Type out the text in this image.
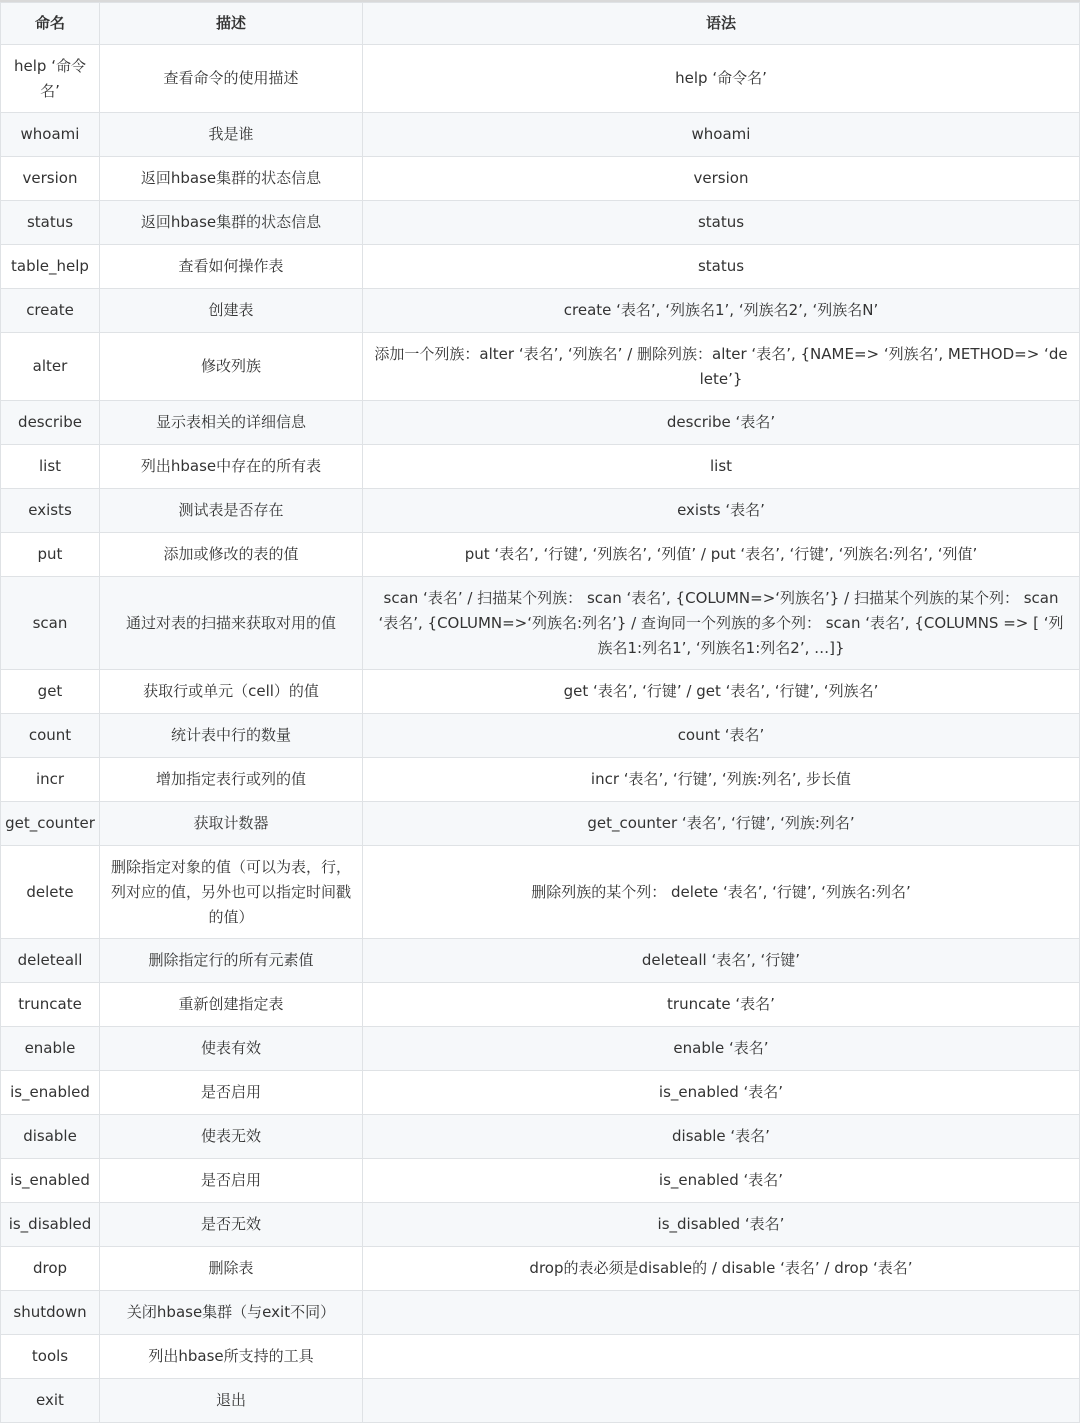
命名	描述	语法
help ‘命令名’	查看命令的使用描述	help ‘命令名’
whoami	我是谁	whoami
version	返回hbase集群的状态信息	version
status	返回hbase集群的状态信息	status
table_help	查看如何操作表	status
create	创建表	create ‘表名’, ‘列族名1’, ‘列族名2’, ‘列族名N’
alter	修改列族	添加一个列族：alter ‘表名’, ‘列族名’ / 删除列族：alter ‘表名’, {NAME=> ‘列族名’, METHOD=> ‘delete’}
describe	显示表相关的详细信息	describe ‘表名’
list	列出hbase中存在的所有表	list
exists	测试表是否存在	exists ‘表名’
put	添加或修改的表的值	put ‘表名’, ‘行键’, ‘列族名’, ‘列值’ / put ‘表名’, ‘行键’, ‘列族名:列名’, ‘列值’
scan	通过对表的扫描来获取对用的值	scan ‘表名’ / 扫描某个列族： scan ‘表名’, {COLUMN=>‘列族名’} / 扫描某个列族的某个列： scan ‘表名’, {COLUMN=>‘列族名:列名’} / 查询同一个列族的多个列： scan ‘表名’, {COLUMNS => [ ‘列族名1:列名1’, ‘列族名1:列名2’, …]}
get	获取行或单元（cell）的值	get ‘表名’, ‘行键’ / get ‘表名’, ‘行键’, ‘列族名’
count	统计表中行的数量	count ‘表名’
incr	增加指定表行或列的值	incr ‘表名’, ‘行键’, ‘列族:列名’, 步长值
get_counter	获取计数器	get_counter ‘表名’, ‘行键’, ‘列族:列名’
delete	删除指定对象的值（可以为表，行，列对应的值，另外也可以指定时间戳的值）	删除列族的某个列： delete ‘表名’, ‘行键’, ‘列族名:列名’
deleteall	删除指定行的所有元素值	deleteall ‘表名’, ‘行键’
truncate	重新创建指定表	truncate ‘表名’
enable	使表有效	enable ‘表名’
is_enabled	是否启用	is_enabled ‘表名’
disable	使表无效	disable ‘表名’
is_enabled	是否启用	is_enabled ‘表名’
is_disabled	是否无效	is_disabled ‘表名’
drop	删除表	drop的表必须是disable的 / disable ‘表名’ / drop ‘表名’
shutdown	关闭hbase集群（与exit不同）	
tools	列出hbase所支持的工具	
exit	退出	
